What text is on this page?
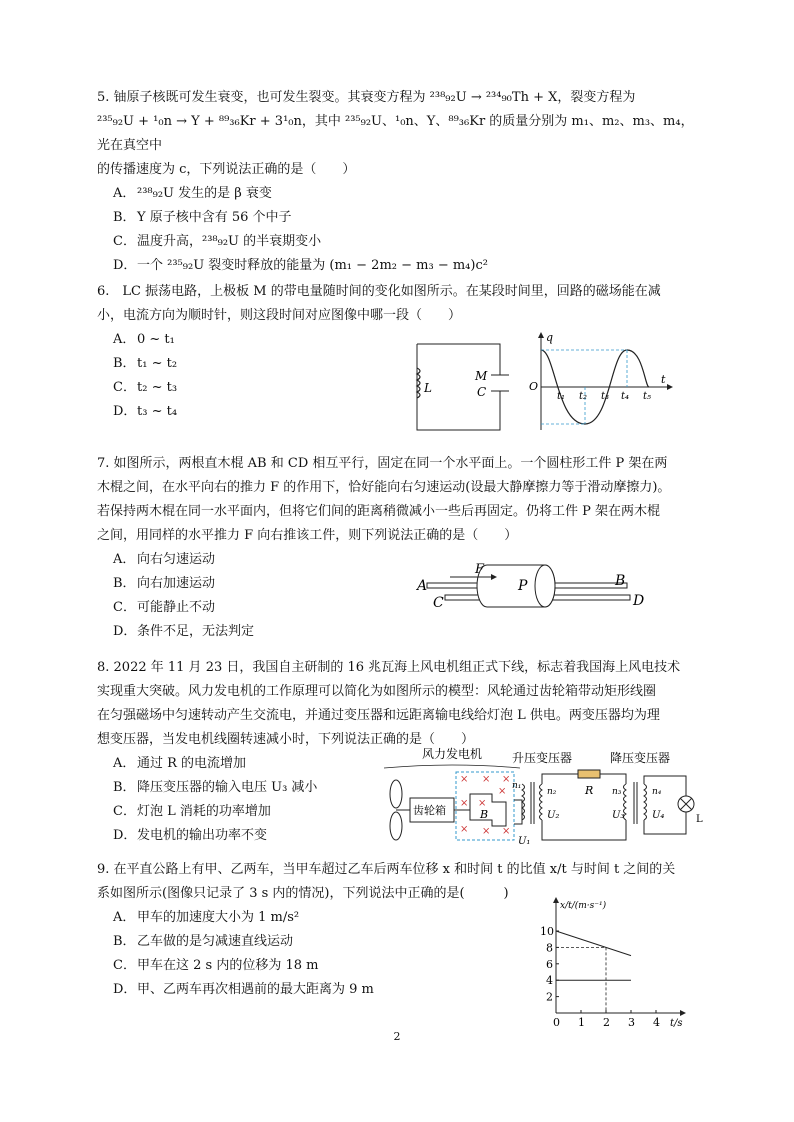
5. 铀原子核既可发生衰变，也可发生裂变。其衰变方程为 ²³⁸₉₂U → ²³⁴₉₀Th + X，裂变方程为

²³⁵₉₂U + ¹₀n → Y + ⁸⁹₃₆Kr + 3¹₀n，其中 ²³⁵₉₂U、¹₀n、Y、⁸⁹₃₆Kr 的质量分别为 m₁、m₂、m₃、m₄，光在真空中

的传播速度为 c，下列说法正确的是（　　）

A． ²³⁸₉₂U 发生的是 β 衰变

B．Y 原子核中含有 56 个中子

C．温度升高，²³⁸₉₂U 的半衰期变小

D．一个 ²³⁵₉₂U 裂变时释放的能量为 (m₁ − 2m₂ − m₃ − m₄)c²

6.　LC 振荡电路，上极板 M 的带电量随时间的变化如图所示。在某段时间里，回路的磁场能在减

小，电流方向为顺时针，则这段时间对应图像中哪一段（　　）

A． 0 ~ t₁

B．t₁ ~ t₂

C．t₂ ~ t₃

D．t₃ ~ t₄

L
M
C
q
O
t
t₁ t₂ t₃ t₄ t₅

7. 如图所示，两根直木棍 AB 和 CD 相互平行，固定在同一个水平面上。一个圆柱形工件 P 架在两

木棍之间，在水平向右的推力 F 的作用下，恰好能向右匀速运动(设最大静摩擦力等于滑动摩擦力)。

若保持两木棍在同一水平面内，但将它们间的距离稍微减小一些后再固定。仍将工件 P 架在两木棍

之间，用同样的水平推力 F 向右推该工件，则下列说法正确的是（　　）

A． 向右匀速运动

B．向右加速运动

C．可能静止不动

D．条件不足，无法判定

A	B
C	D
F
P

8. 2022 年 11 月 23 日，我国自主研制的 16 兆瓦海上风电机组正式下线，标志着我国海上风电技术

实现重大突破。风力发电机的工作原理可以简化为如图所示的模型：风轮通过齿轮箱带动矩形线圈

在匀强磁场中匀速转动产生交流电，并通过变压器和远距离输电线给灯泡 L 供电。两变压器均为理

想变压器，当发电机线圈转速减小时，下列说法正确的是（　　）

A． 通过 R 的电流增加

B．降压变压器的输入电压 U₃ 减小

C．灯泡 L 消耗的功率增加

D．发电机的输出功率不变

风力发电机 升压变压器	降压变压器
齿轮箱
× × ×
× ×
×
× × ×
B
R
n₁
n₂
U₂
U₁
L
n₃
U₃
n₄
U₄

9. 在平直公路上有甲、乙两车，当甲车超过乙车后两车位移 x 和时间 t 的比值 x/t 与时间 t 之间的关

系如图所示(图像只记录了 3 s 内的情况)，下列说法中正确的是(　　　)

A． 甲车的加速度大小为 1 m/s²

B．乙车做的是匀减速直线运动

C．甲车在这 2 s 内的位移为 18 m

D．甲、乙两车再次相遇前的最大距离为 9 m

x/t/(m·s⁻¹)
t/s
0 1 2 3 4
2
4
6
8
10
2
